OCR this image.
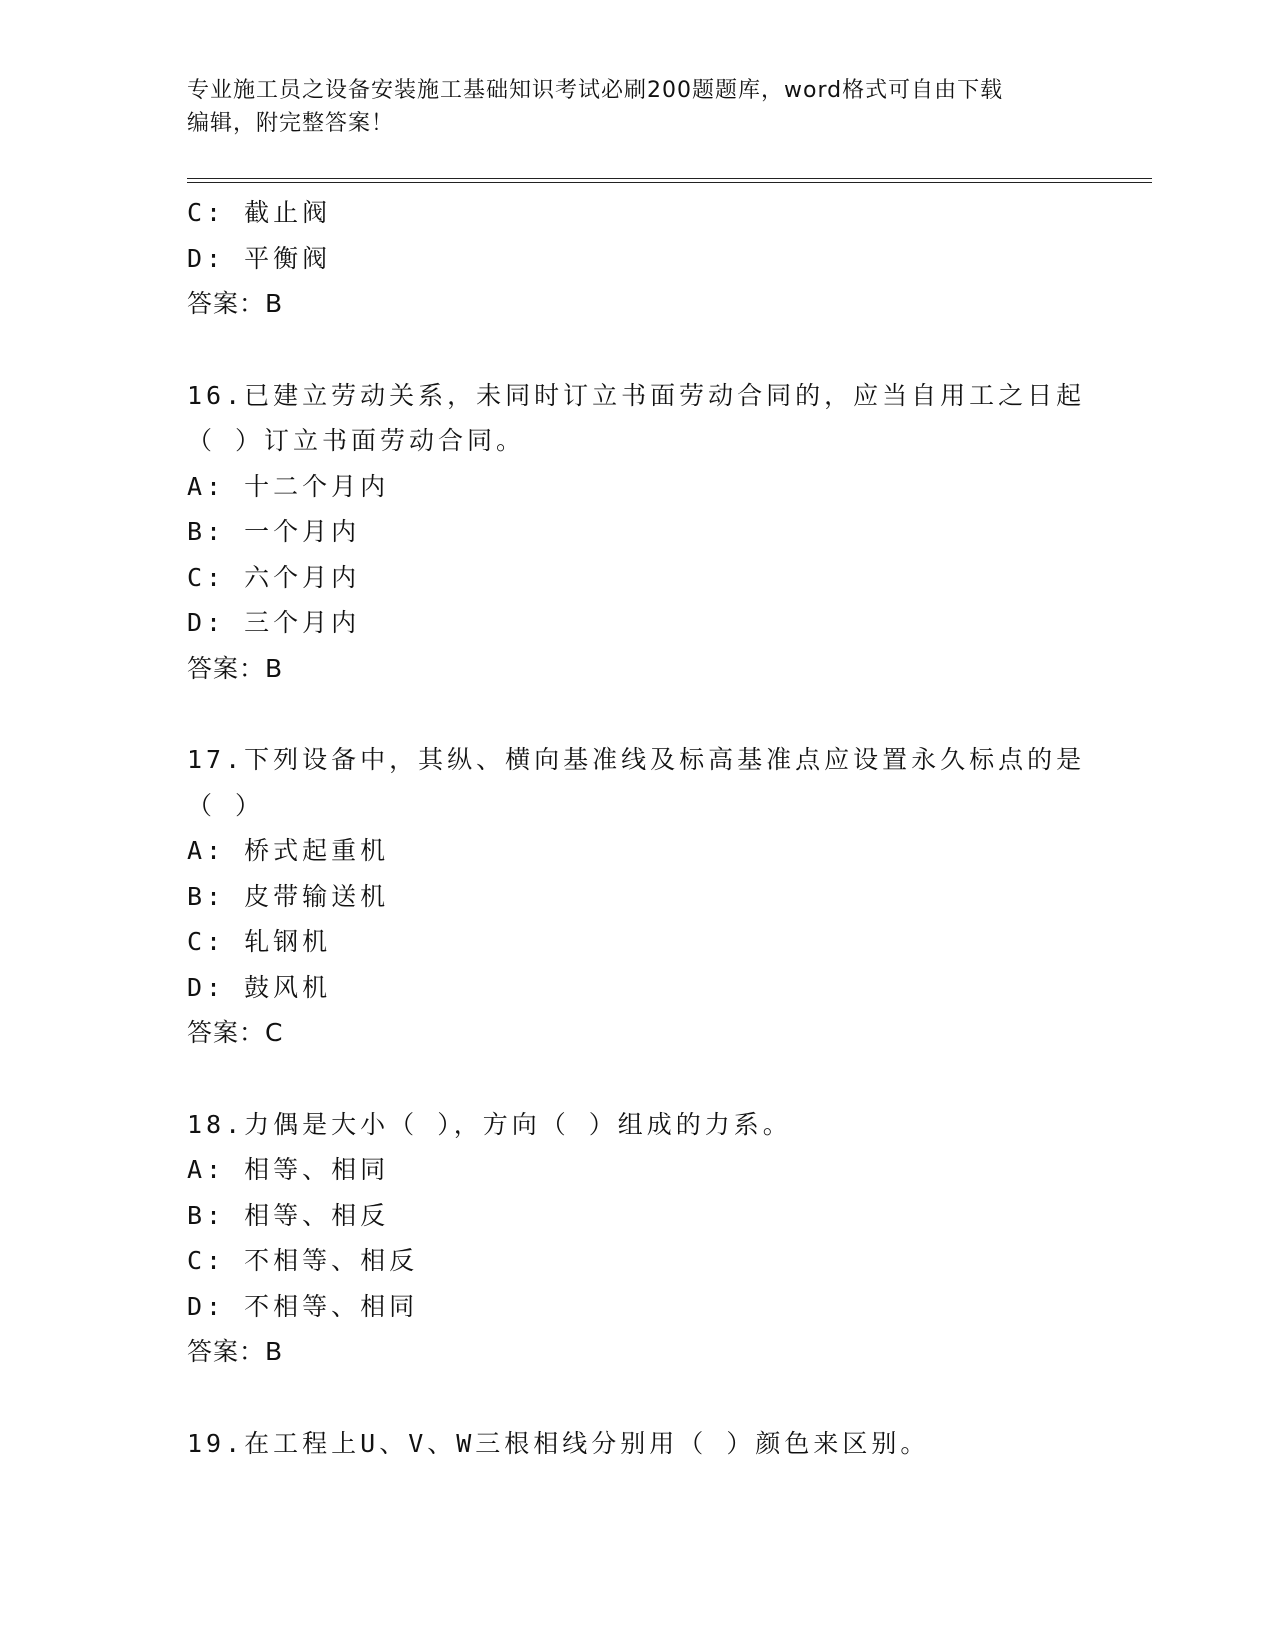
专业施工员之设备安装施工基础知识考试必刷200题题库，word格式可自由下载
编辑，附完整答案！
C: 截止阀
D: 平衡阀
答案：B
16.已建立劳动关系，未同时订立书面劳动合同的，应当自用工之日起
（ ）订立书面劳动合同。
A: 十二个月内
B: 一个月内
C: 六个月内
D: 三个月内
答案：B
17.下列设备中，其纵、横向基准线及标高基准点应设置永久标点的是
（ ）
A: 桥式起重机
B: 皮带输送机
C: 轧钢机
D: 鼓风机
答案：C
18.力偶是大小（ ），方向（ ）组成的力系。
A: 相等、相同
B: 相等、相反
C: 不相等、相反
D: 不相等、相同
答案：B
19.在工程上U、V、W三根相线分别用（ ）颜色来区别。
